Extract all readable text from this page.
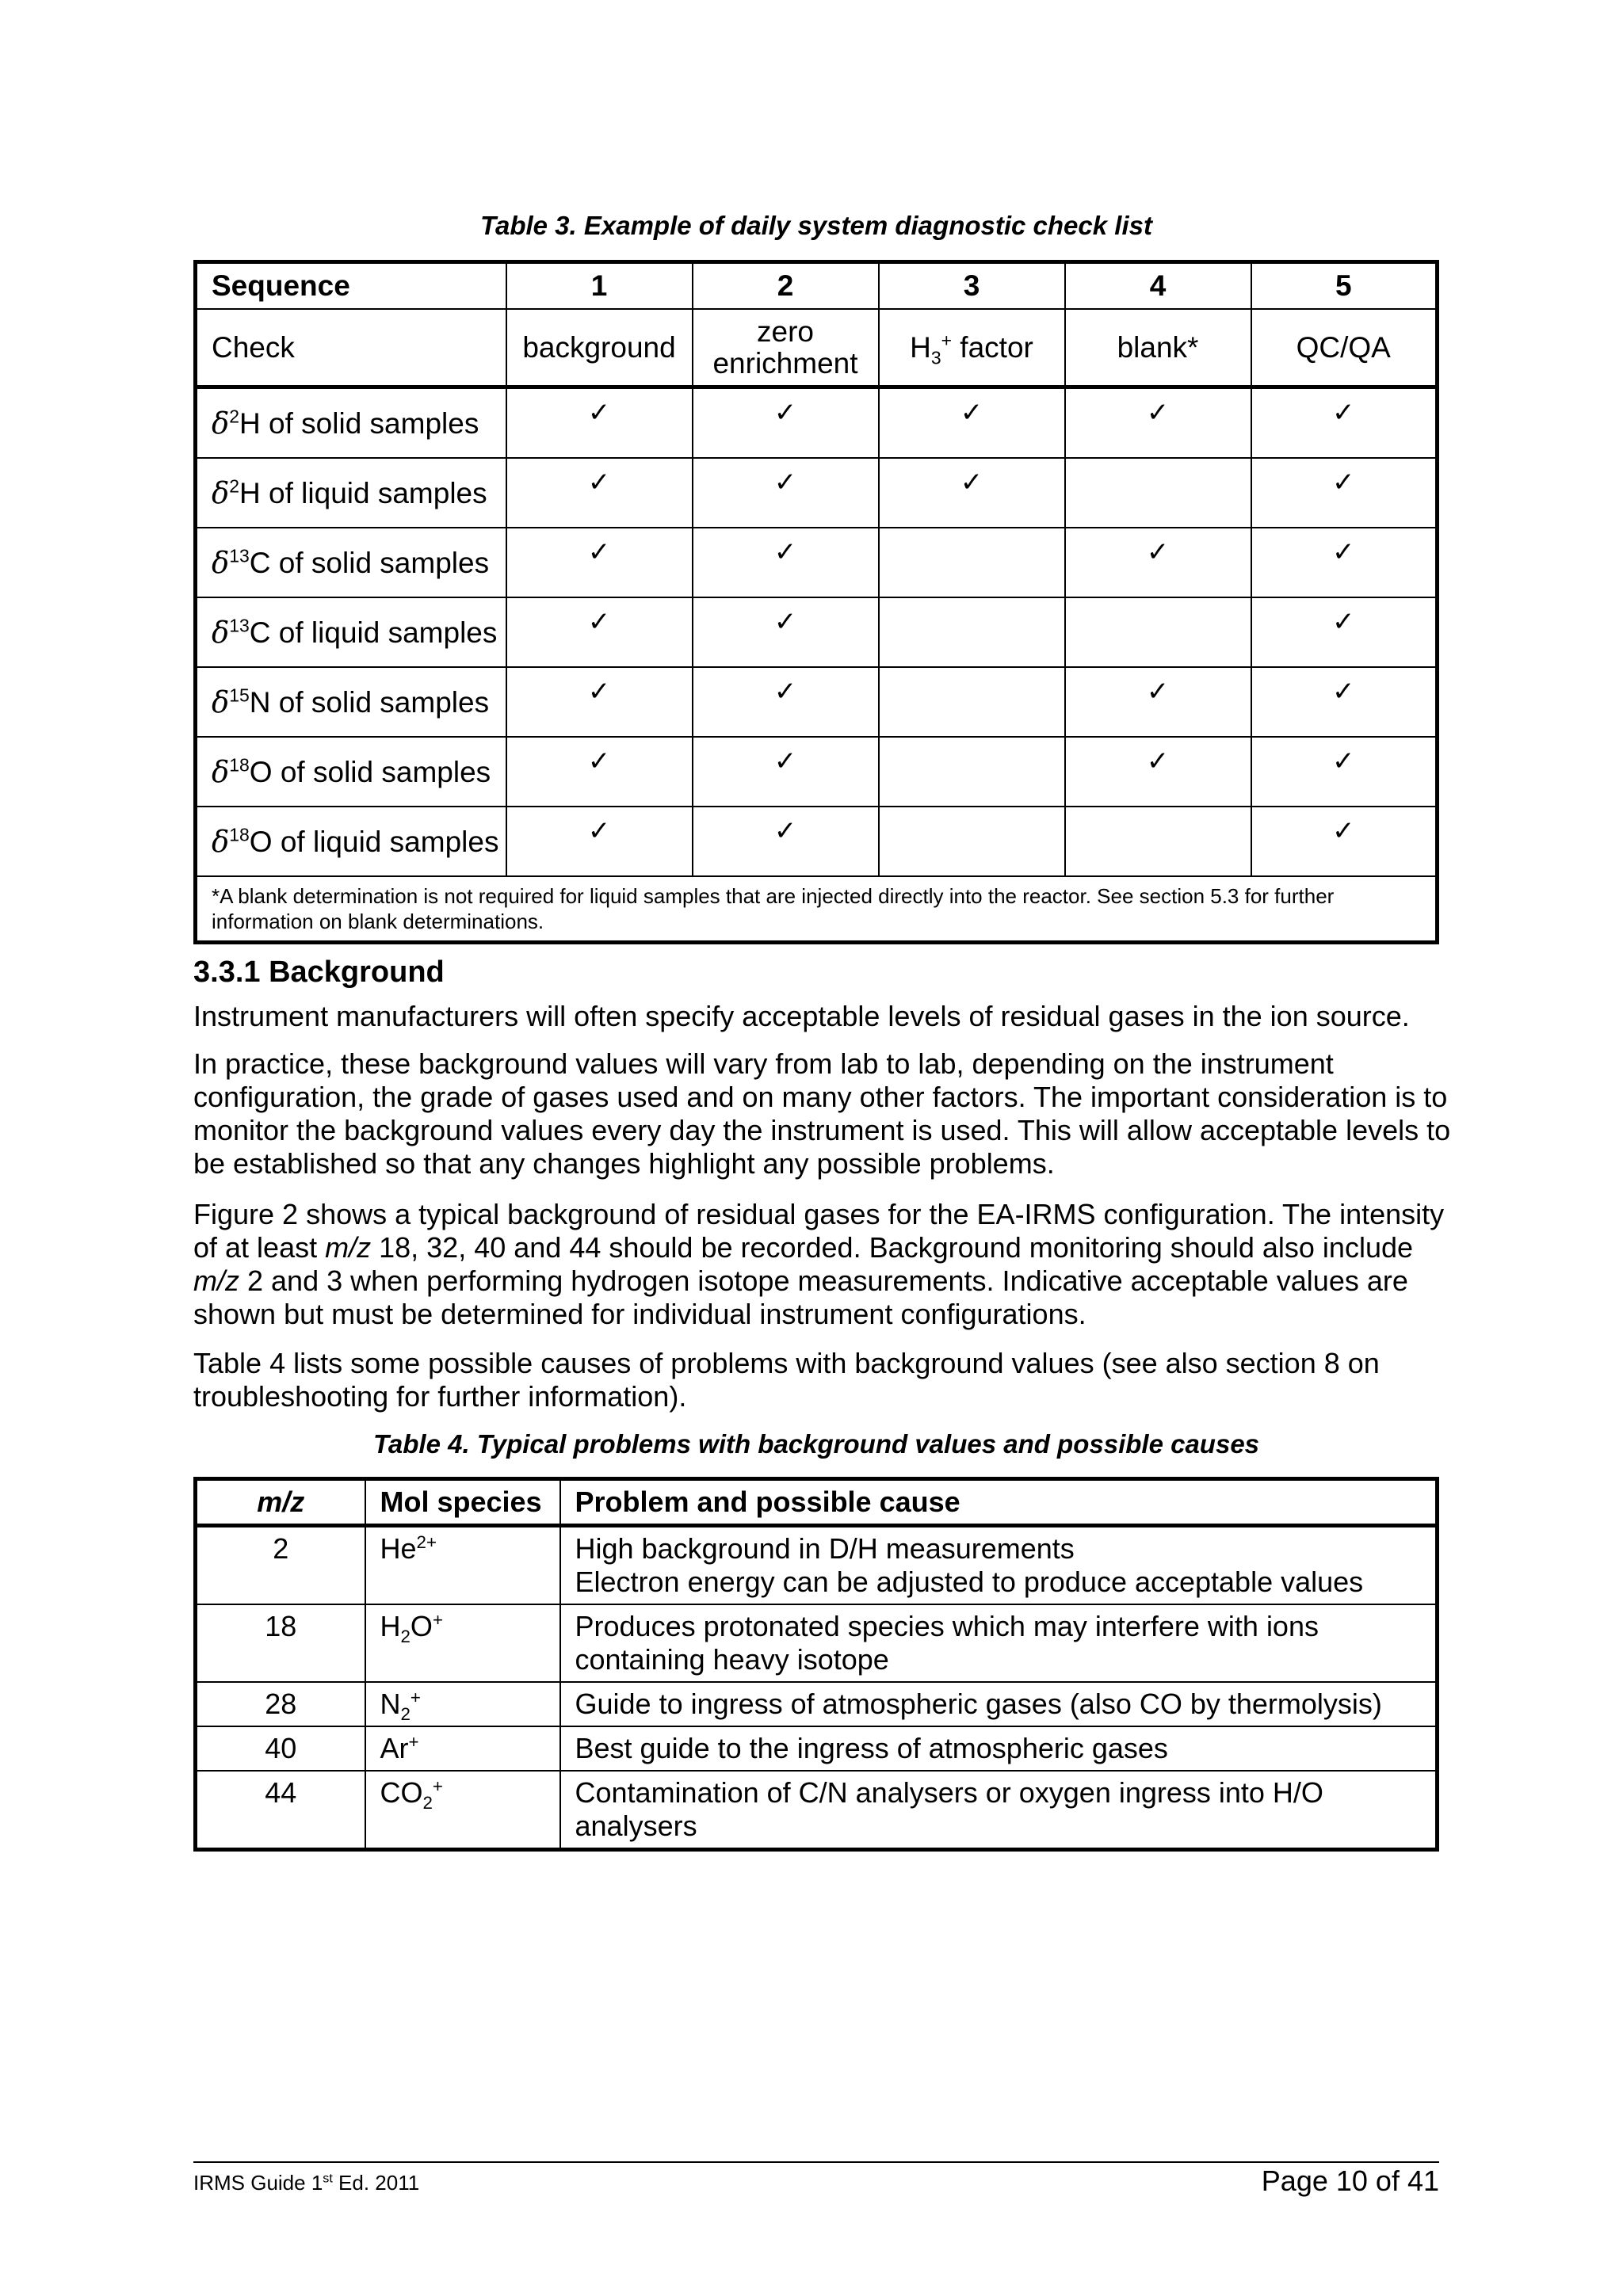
Table 3. Example of daily system diagnostic check list
Sequence	1	2	3	4	5
Check	background	zero enrichment	$H_3^+$ factor	blank*	QC/QA
$\delta^2H$ of solid samples	✓	✓	✓	✓	✓
$\delta^2H$ of liquid samples	✓	✓	✓		✓
$\delta^{13}C$ of solid samples	✓	✓		✓	✓
$\delta^{13}C$ of liquid samples	✓	✓			✓
$\delta^{15}N$ of solid samples	✓	✓		✓	✓
$\delta^{18}O$ of solid samples	✓	✓		✓	✓
$\delta^{18}O$ of liquid samples	✓	✓			✓
*A blank determination is not required for liquid samples that are injected directly into the reactor. See section 5.3 for further information on blank determinations.					
3.3.1 Background

Instrument manufacturers will often specify acceptable levels of residual gases in the ion source.

In practice, these background values will vary from lab to lab, depending on the instrument configuration, the grade of gases used and on many other factors. The important consideration is to monitor the background values every day the instrument is used. This will allow acceptable levels to be established so that any changes highlight any possible problems.

Figure 2 shows a typical background of residual gases for the EA-IRMS configuration. The intensity of at least m/z 18, 32, 40 and 44 should be recorded. Background monitoring should also include m/z 2 and 3 when performing hydrogen isotope measurements. Indicative acceptable values are shown but must be determined for individual instrument configurations.

Table 4 lists some possible causes of problems with background values (see also section 8 on troubleshooting for further information).

Table 4. Typical problems with background values and possible causes
m/z	Mol species	Problem and possible cause
2	$He^{2+}$	High background in D/H measurements
Electron energy can be adjusted to produce acceptable values

18	$H_2O^+$	Produces protonated species which may interfere with ions containing heavy isotope

28	$N_2^+$	Guide to ingress of atmospheric gases (also CO by thermolysis)

40	Ar+	Best guide to the ingress of atmospheric gases

44	$CO_2^+$	Contamination of C/N analysers or oxygen ingress into H/O analysers
IRMS Guide 1st Ed. 2011	Page 10 of 41
